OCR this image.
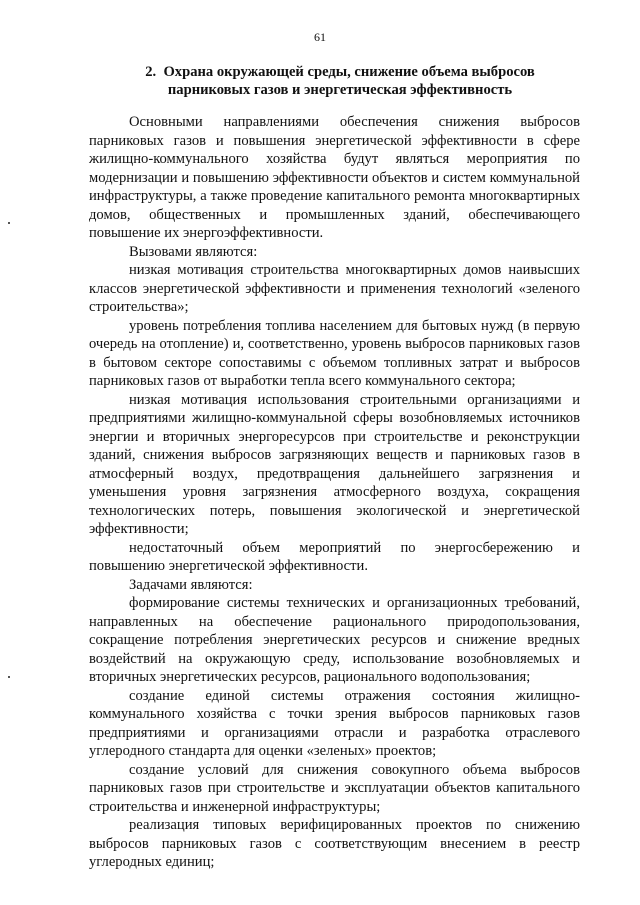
61
2. Охрана окружающей среды, снижение объема выбросов
парниковых газов и энергетическая эффективность

Основными направлениями обеспечения снижения выбросов парниковых газов и повышения энергетической эффективности в сфере жилищно-коммунального хозяйства будут являться мероприятия по модернизации и повышению эффективности объектов и систем коммунальной инфраструктуры, а также проведение капитального ремонта многоквартирных домов, общественных и промышленных зданий, обеспечивающего повышение их энергоэффективности.

Вызовами являются:

низкая мотивация строительства многоквартирных домов наивысших классов энергетической эффективности и применения технологий «зеленого строительства»;

уровень потребления топлива населением для бытовых нужд (в первую очередь на отопление) и, соответственно, уровень выбросов парниковых газов в бытовом секторе сопоставимы с объемом топливных затрат и выбросов парниковых газов от выработки тепла всего коммунального сектора;

низкая мотивация использования строительными организациями и предприятиями жилищно-коммунальной сферы возобновляемых источников энергии и вторичных энергоресурсов при строительстве и реконструкции зданий, снижения выбросов загрязняющих веществ и парниковых газов в атмосферный воздух, предотвращения дальнейшего загрязнения и уменьшения уровня загрязнения атмосферного воздуха, сокращения технологических потерь, повышения экологической и энергетической эффективности;

недостаточный объем мероприятий по энергосбережению и повышению энергетической эффективности.

Задачами являются:

формирование системы технических и организационных требований, направленных на обеспечение рационального природопользования, сокращение потребления энергетических ресурсов и снижение вредных воздействий на окружающую среду, использование возобновляемых и вторичных энергетических ресурсов, рационального водопользования;

создание единой системы отражения состояния жилищно-коммунального хозяйства с точки зрения выбросов парниковых газов предприятиями и организациями отрасли и разработка отраслевого углеродного стандарта для оценки «зеленых» проектов;

создание условий для снижения совокупного объема выбросов парниковых газов при строительстве и эксплуатации объектов капитального строительства и инженерной инфраструктуры;

реализация типовых верифицированных проектов по снижению выбросов парниковых газов с соответствующим внесением в реестр углеродных единиц;
